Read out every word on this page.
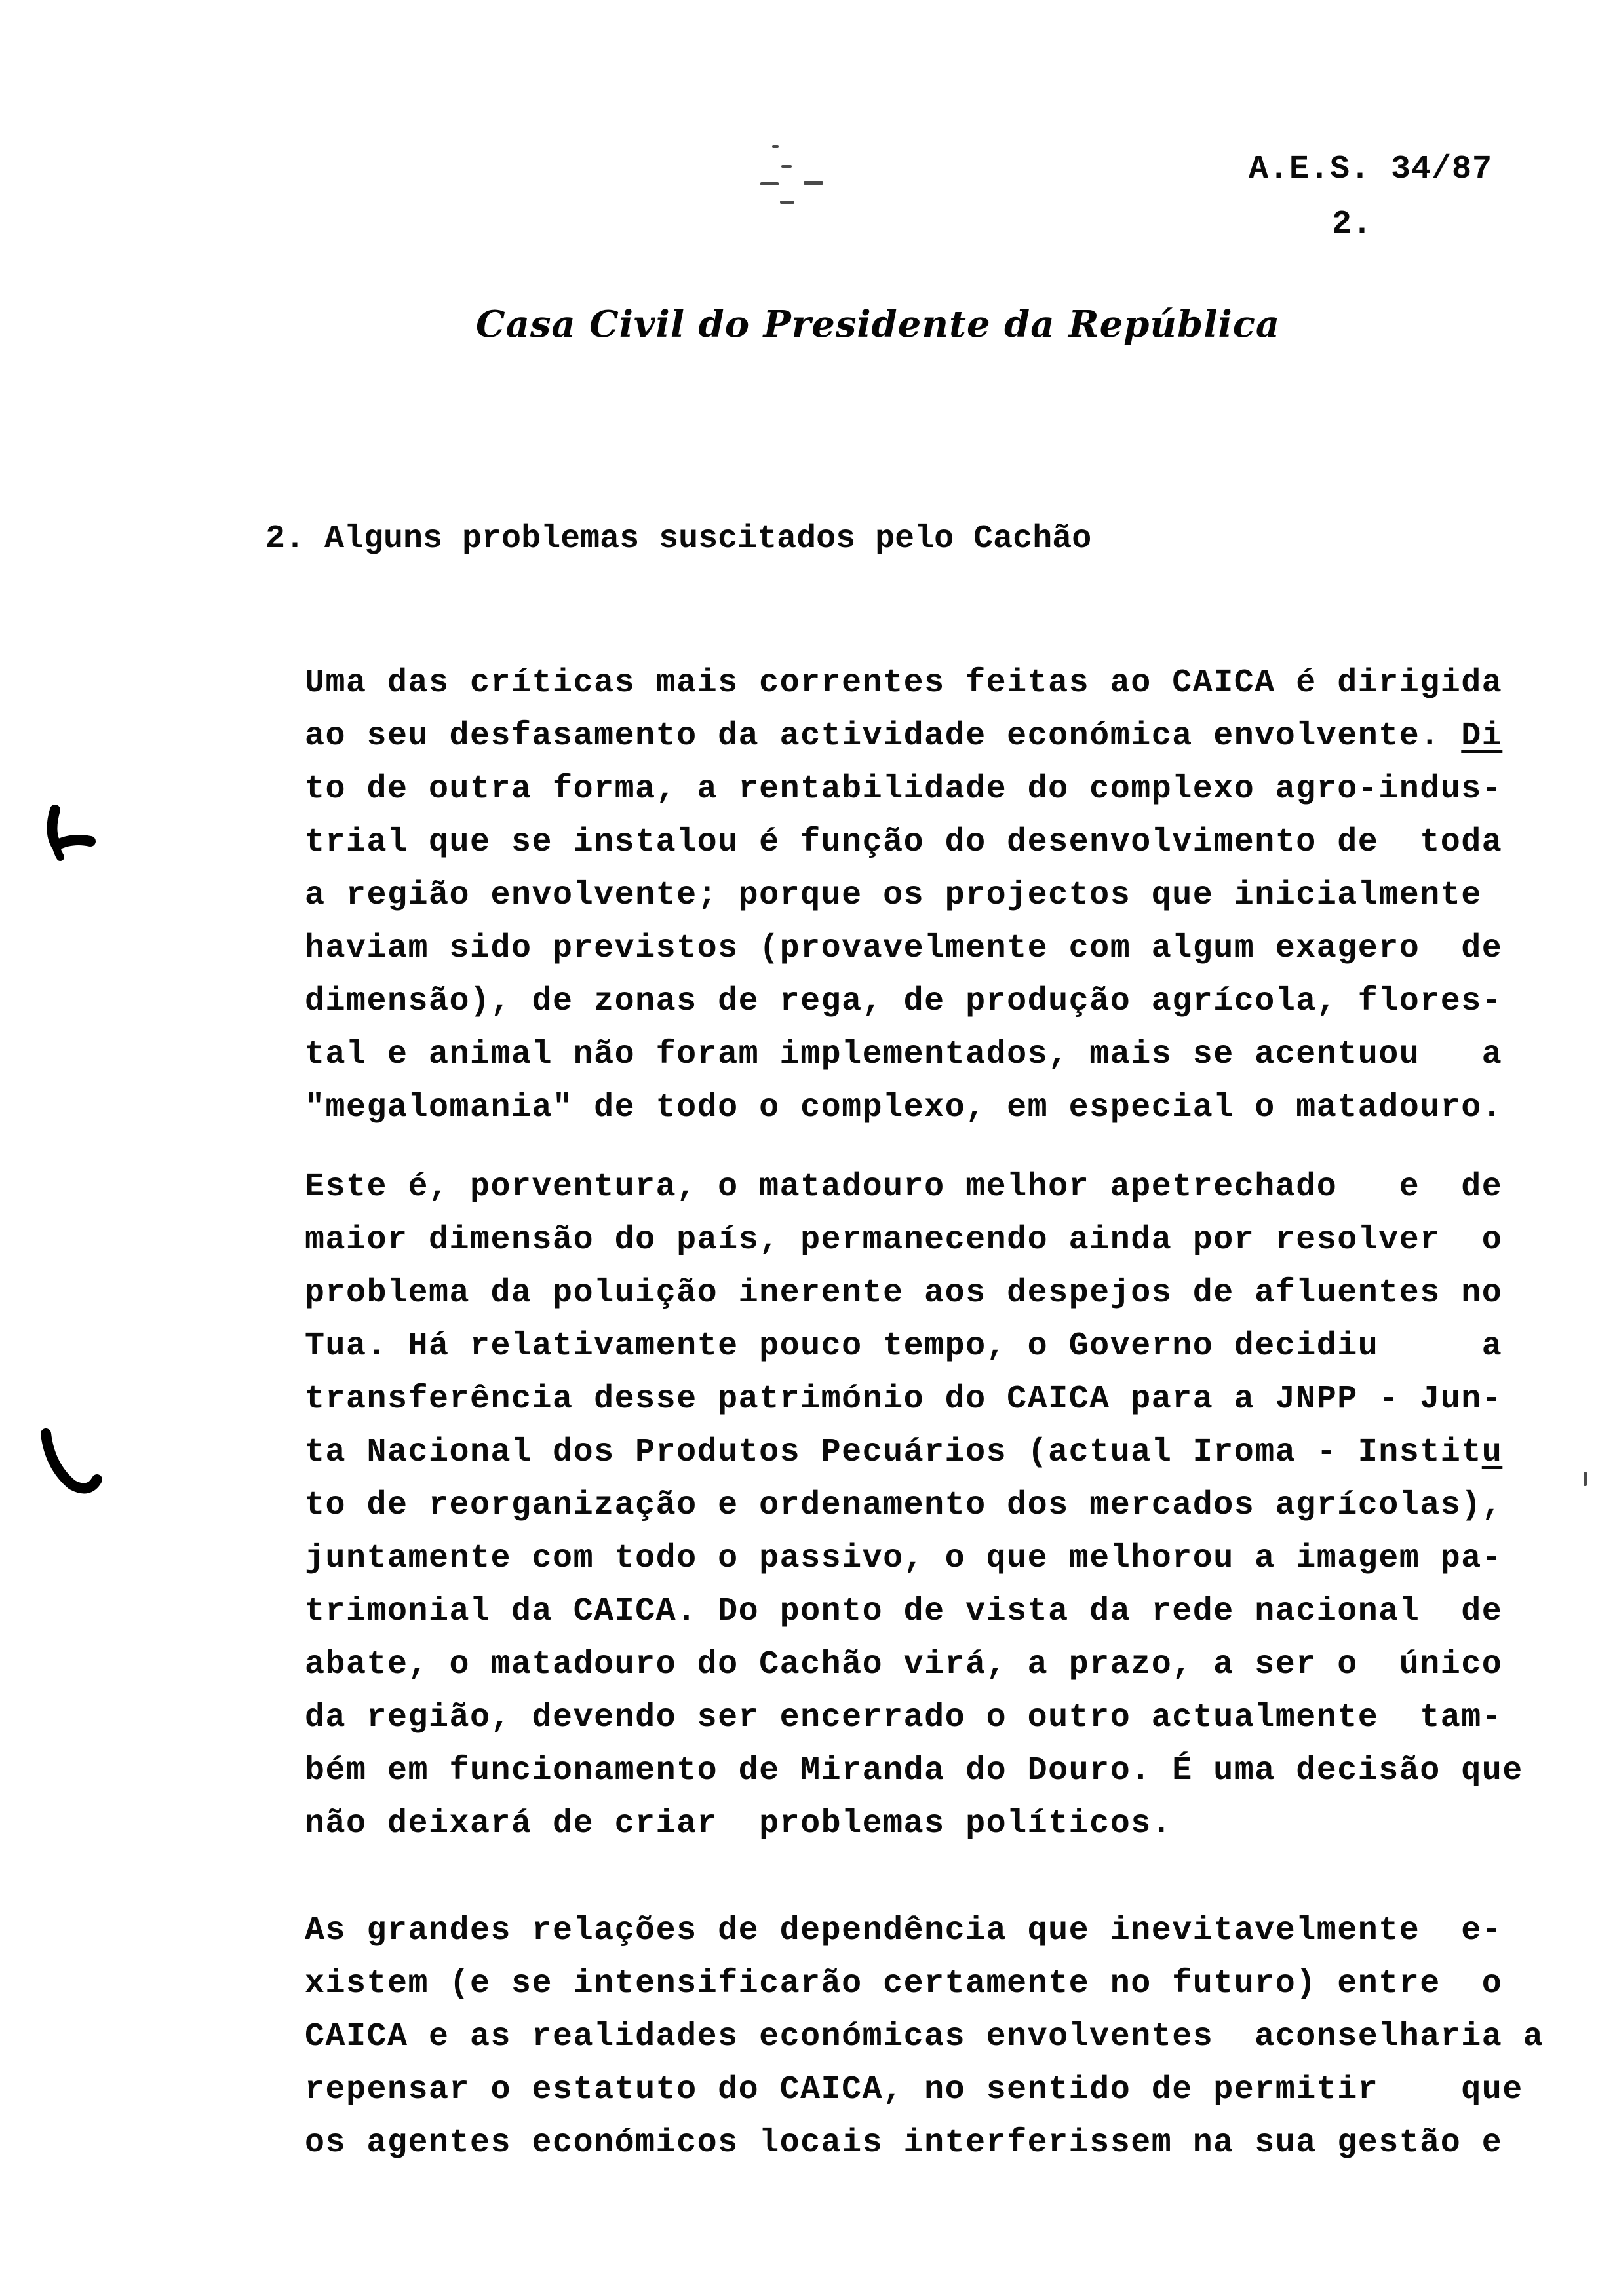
A.E.S. 34/87
2.
Casa Civil do Presidente da República
2. Alguns problemas suscitados pelo Cachão
Uma das críticas mais correntes feitas ao CAICA é dirigida
ao seu desfasamento da actividade económica envolvente. Di
to de outra forma, a rentabilidade do complexo agro-indus-
trial que se instalou é função do desenvolvimento de  toda
a região envolvente; porque os projectos que inicialmente
haviam sido previstos (provavelmente com algum exagero  de
dimensão), de zonas de rega, de produção agrícola, flores-
tal e animal não foram implementados, mais se acentuou   a
"megalomania" de todo o complexo, em especial o matadouro.
Este é, porventura, o matadouro melhor apetrechado   e  de
maior dimensão do país, permanecendo ainda por resolver  o
problema da poluição inerente aos despejos de afluentes no
Tua. Há relativamente pouco tempo, o Governo decidiu     a
transferência desse património do CAICA para a JNPP - Jun-
ta Nacional dos Produtos Pecuários (actual Iroma - Institu
to de reorganização e ordenamento dos mercados agrícolas),
juntamente com todo o passivo, o que melhorou a imagem pa-
trimonial da CAICA. Do ponto de vista da rede nacional  de
abate, o matadouro do Cachão virá, a prazo, a ser o  único
da região, devendo ser encerrado o outro actualmente  tam-
bém em funcionamento de Miranda do Douro. É uma decisão que
não deixará de criar  problemas políticos.
As grandes relações de dependência que inevitavelmente  e-
xistem (e se intensificarão certamente no futuro) entre  o
CAICA e as realidades económicas envolventes  aconselharia a
repensar o estatuto do CAICA, no sentido de permitir    que
os agentes económicos locais interferissem na sua gestão e
